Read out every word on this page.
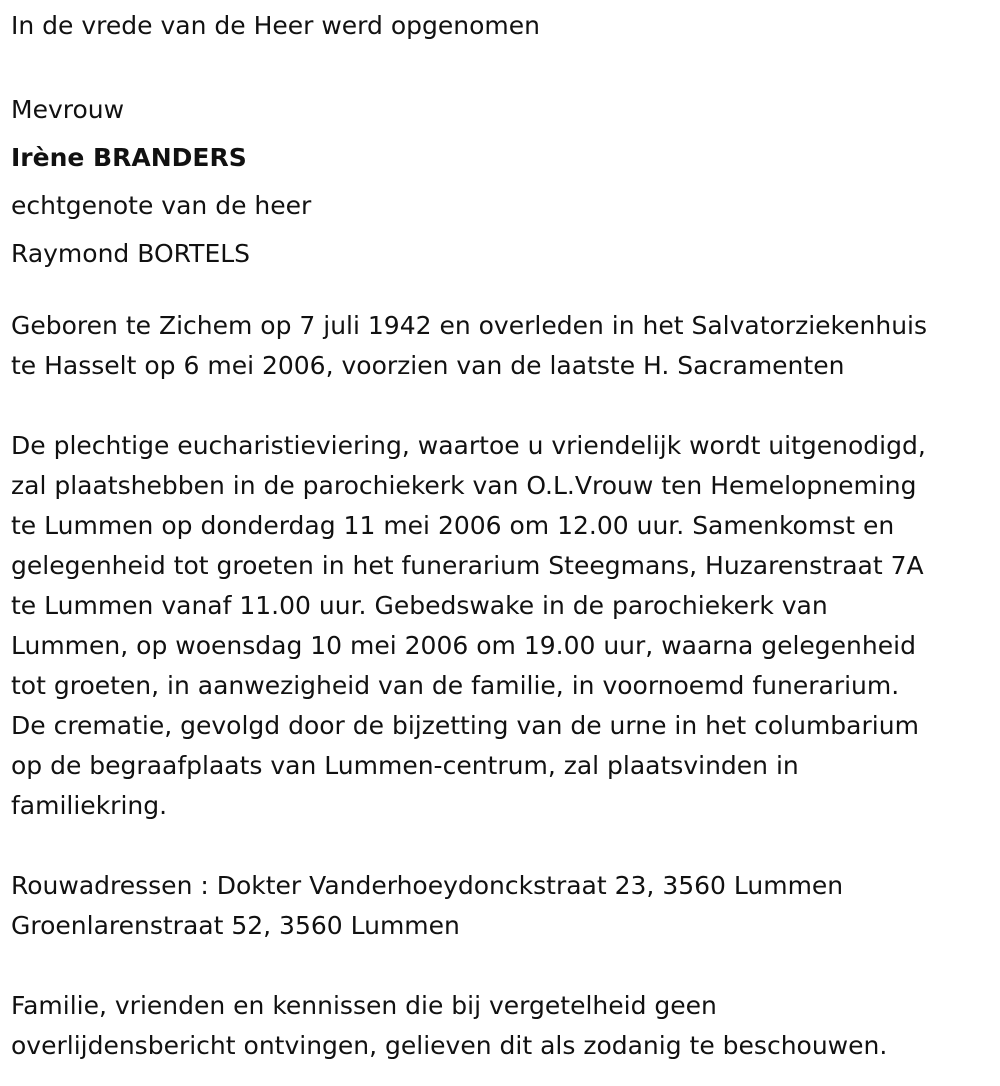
In de vrede van de Heer werd opgenomen
Mevrouw
Irène BRANDERS
echtgenote van de heer
Raymond BORTELS
Geboren te Zichem op 7 juli 1942 en overleden in het Salvatorziekenhuis
te Hasselt op 6 mei 2006, voorzien van de laatste H. Sacramenten
De plechtige eucharistieviering, waartoe u vriendelijk wordt uitgenodigd,
zal plaatshebben in de parochiekerk van O.L.Vrouw ten Hemelopneming
te Lummen op donderdag 11 mei 2006 om 12.00 uur. Samenkomst en
gelegenheid tot groeten in het funerarium Steegmans, Huzarenstraat 7A
te Lummen vanaf 11.00 uur. Gebedswake in de parochiekerk van
Lummen, op woensdag 10 mei 2006 om 19.00 uur, waarna gelegenheid
tot groeten, in aanwezigheid van de familie, in voornoemd funerarium.
De crematie, gevolgd door de bijzetting van de urne in het columbarium
op de begraafplaats van Lummen-centrum, zal plaatsvinden in
familiekring.
Rouwadressen : Dokter Vanderhoeydonckstraat 23, 3560 Lummen
Groenlarenstraat 52, 3560 Lummen
Familie, vrienden en kennissen die bij vergetelheid geen
overlijdensbericht ontvingen, gelieven dit als zodanig te beschouwen.
